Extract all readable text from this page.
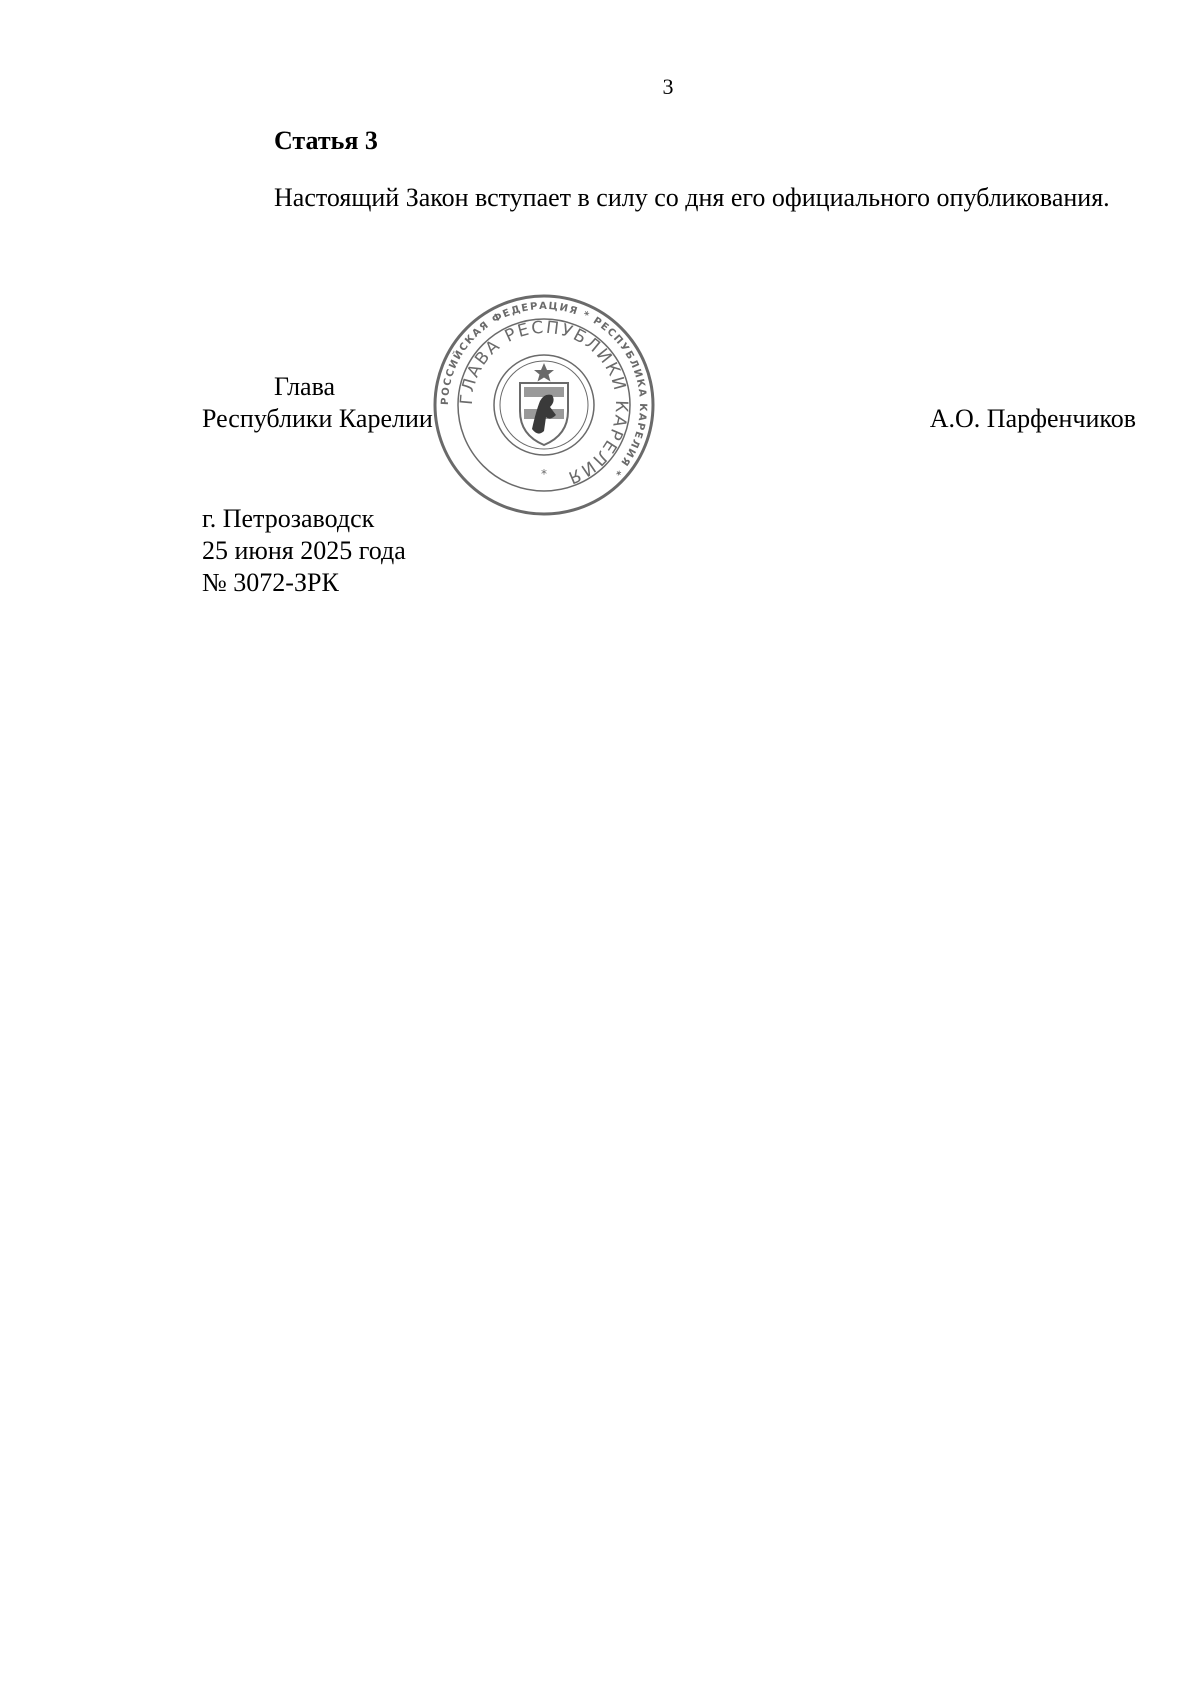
3
Статья 3
Настоящий Закон вступает в силу со дня его официального опубликования.
Глава
Республики Карелии	А.О. Парфенчиков
РОССИЙСКАЯ ФЕДЕРАЦИЯ * РЕСПУБЛИКА КАРЕЛИЯ *
ГЛАВА РЕСПУБЛИКИ КАРЕЛИЯ
*
г. Петрозаводск
25 июня 2025 года
№ 3072-ЗРК
